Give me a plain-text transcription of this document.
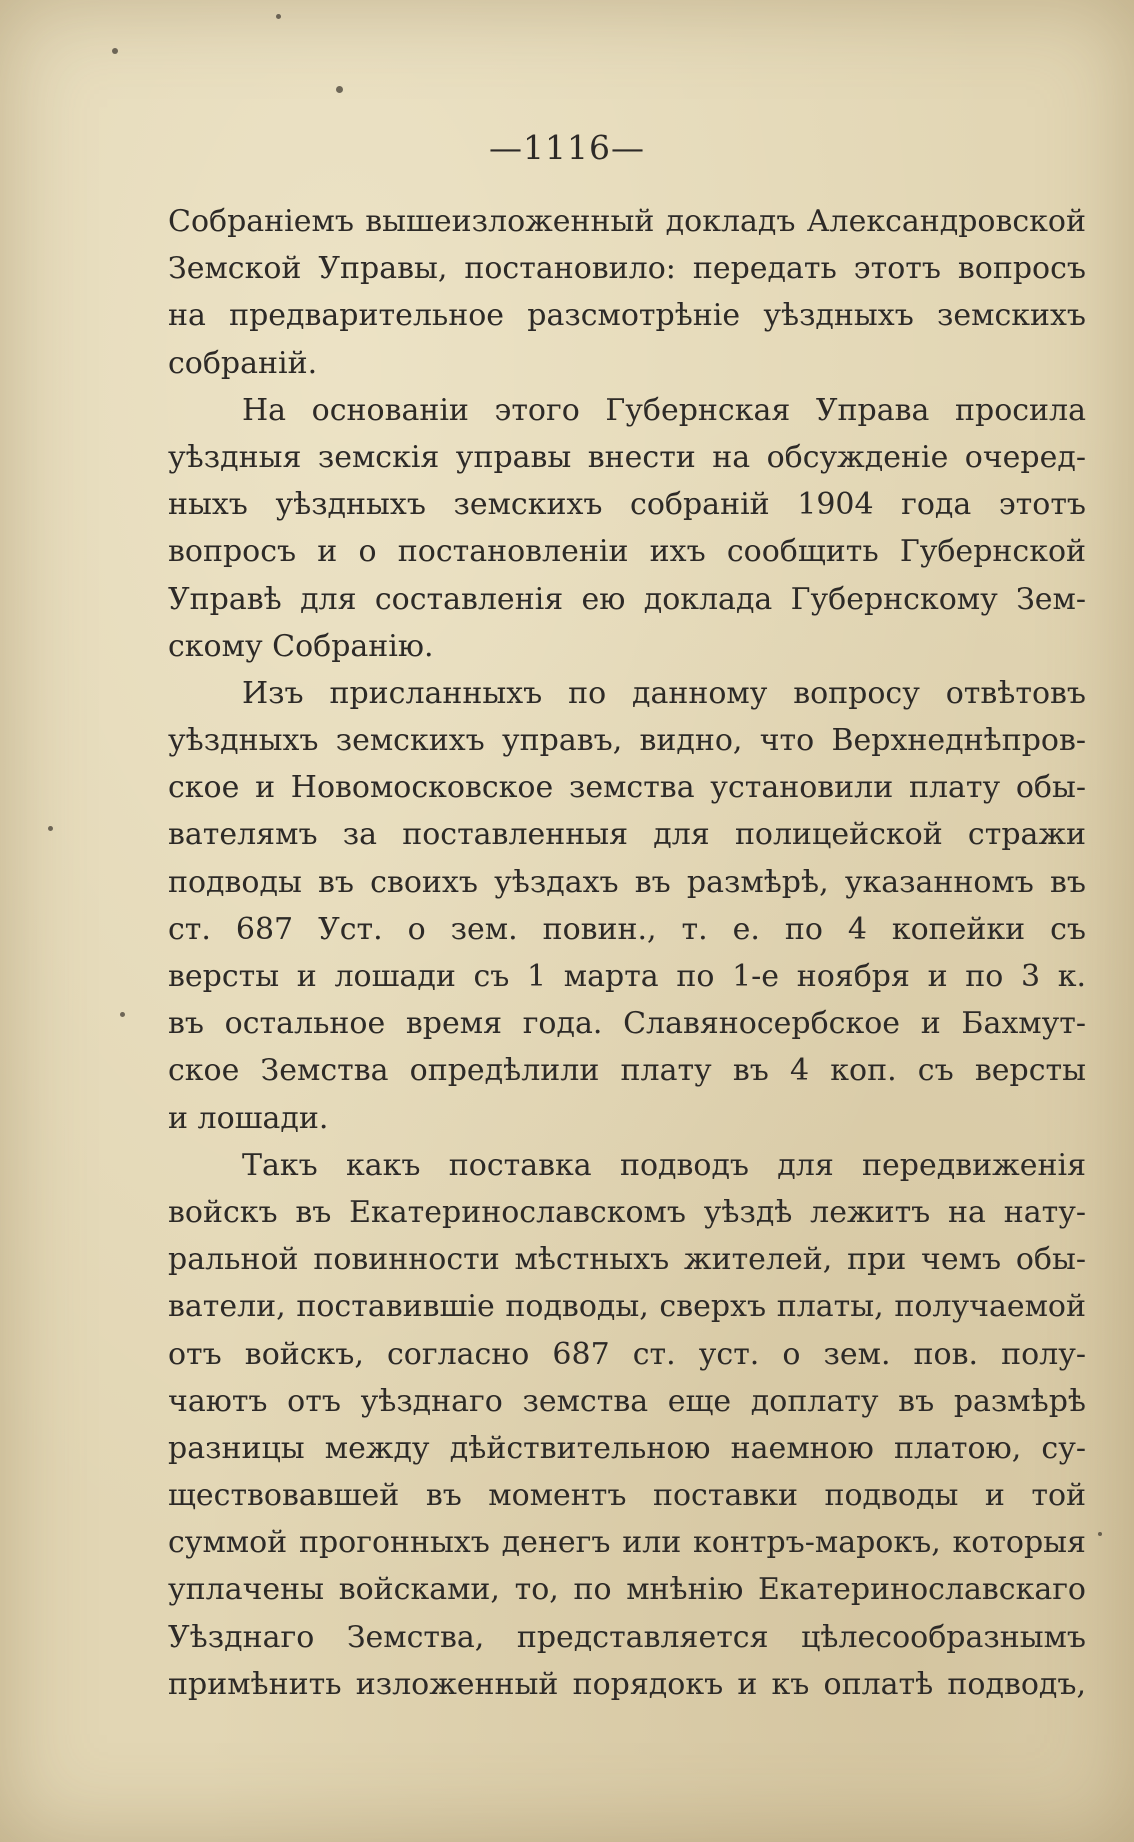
—1116—
Собраніемъ вышеизложенный докладъ Александровской
Земской Управы, постановило: передать этотъ вопросъ
на предварительное разсмотрѣніе уѣздныхъ земскихъ
собраній.
На основаніи этого Губернская Управа просила
уѣздныя земскія управы внести на обсужденіе очеред-
ныхъ уѣздныхъ земскихъ собраній 1904 года этотъ
вопросъ и о постановленіи ихъ сообщить Губернской
Управѣ для составленія ею доклада Губернскому Зем-
скому Собранію.
Изъ присланныхъ по данному вопросу отвѣтовъ
уѣздныхъ земскихъ управъ, видно, что Верхнеднѣпров-
ское и Новомосковское земства установили плату обы-
вателямъ за поставленныя для полицейской стражи
подводы въ своихъ уѣздахъ въ размѣрѣ, указанномъ въ
ст. 687 Уст. о зем. повин., т. е. по 4 копейки съ
версты и лошади съ 1 марта по 1-е ноября и по 3 к.
въ остальное время года. Славяносербское и Бахмут-
ское Земства опредѣлили плату въ 4 коп. съ версты
и лошади.
Такъ какъ поставка подводъ для передвиженія
войскъ въ Екатеринославскомъ уѣздѣ лежитъ на нату-
ральной повинности мѣстныхъ жителей, при чемъ обы-
ватели, поставившіе подводы, сверхъ платы, получаемой
отъ войскъ, согласно 687 ст. уст. о зем. пов. полу-
чаютъ отъ уѣзднаго земства еще доплату въ размѣрѣ
разницы между дѣйствительною наемною платою, су-
ществовавшей въ моментъ поставки подводы и той
суммой прогонныхъ денегъ или контръ-марокъ, которыя
уплачены войсками, то, по мнѣнію Екатеринославскаго
Уѣзднаго Земства, представляется цѣлесообразнымъ
примѣнить изложенный порядокъ и къ оплатѣ подводъ,
